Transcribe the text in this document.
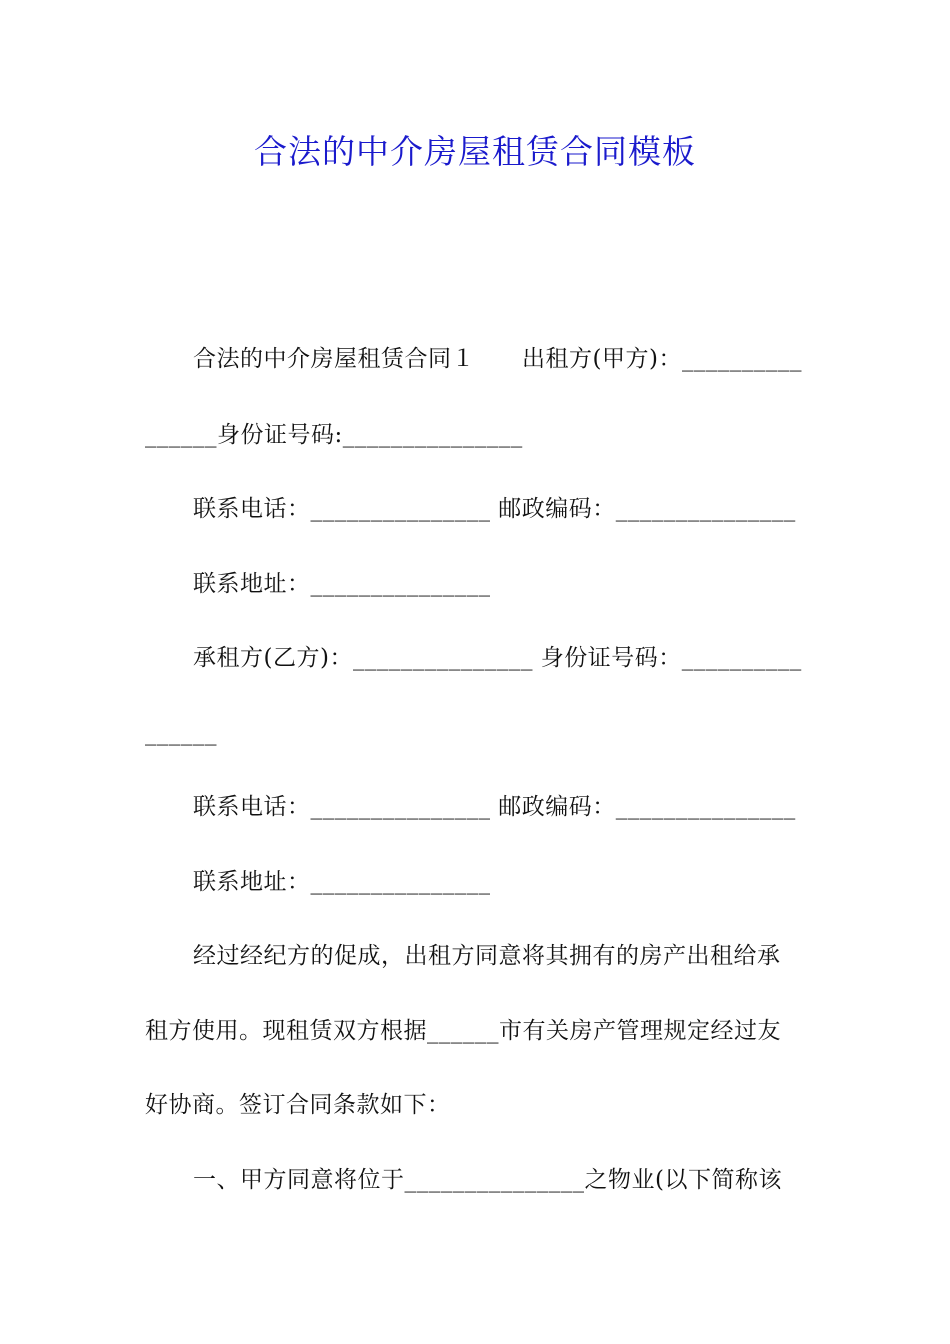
合法的中介房屋租赁合同模板
合法的中介房屋租赁合同１　　出租方(甲方)：__________
______身份证号码:_______________
联系电话：_______________ 邮政编码：_______________
联系地址：_______________
承租方(乙方)：_______________ 身份证号码：__________
______
联系电话：_______________ 邮政编码：_______________
联系地址：_______________
经过经纪方的促成，出租方同意将其拥有的房产出租给承
租方使用。现租赁双方根据______市有关房产管理规定经过友
好协商。签订合同条款如下：
一、甲方同意将位于_______________之物业(以下简称该
